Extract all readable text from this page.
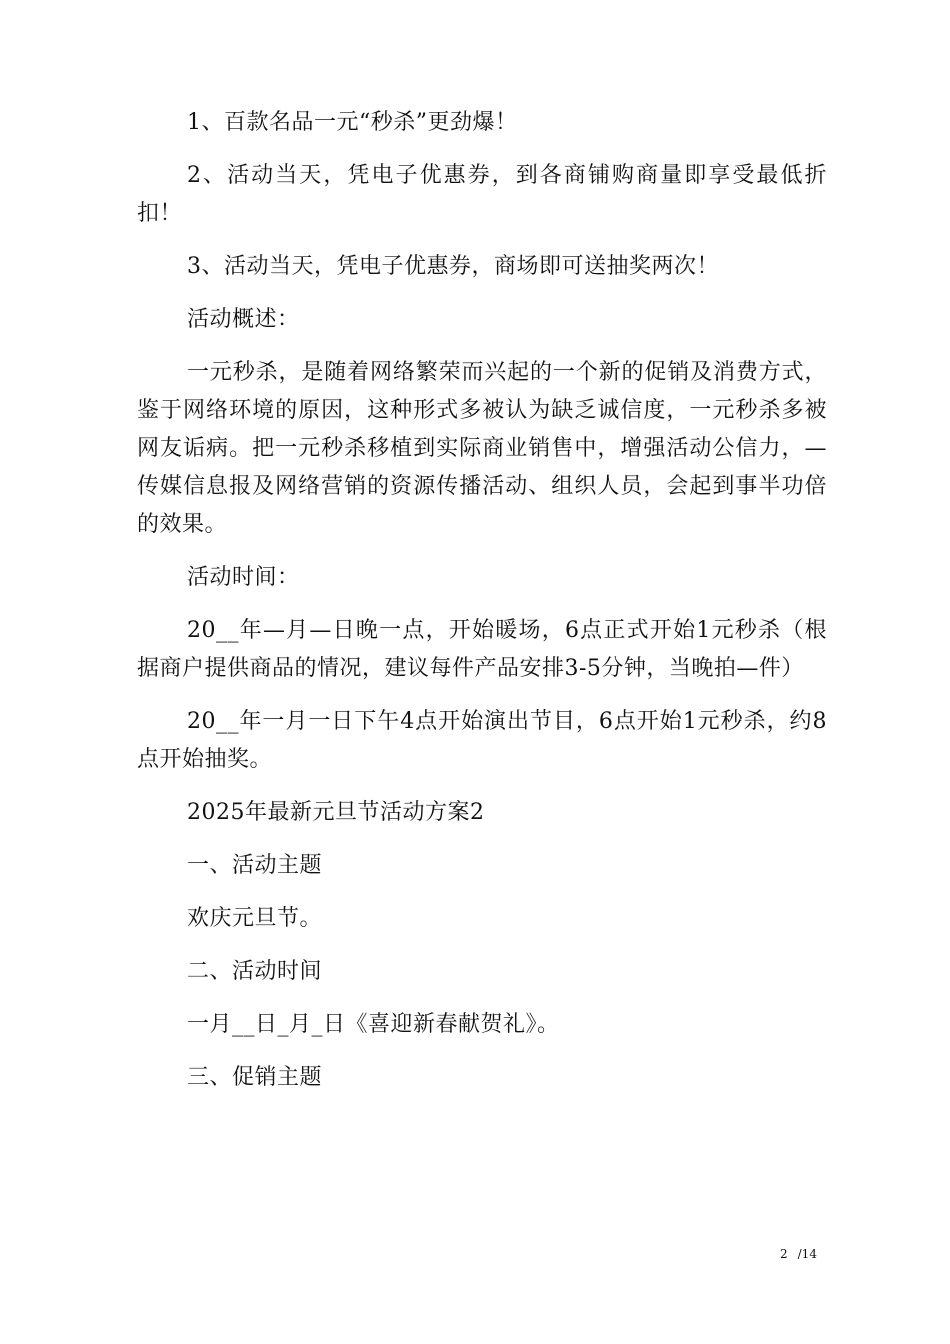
1、百款名品一元“秒杀”更劲爆！

2、活动当天，凭电子优惠券，到各商铺购商量即享受最低折扣！

3、活动当天，凭电子优惠券，商场即可送抽奖两次！

活动概述：

一元秒杀，是随着网络繁荣而兴起的一个新的促销及消费方式，鉴于网络环境的原因，这种形式多被认为缺乏诚信度，一元秒杀多被网友诟病。把一元秒杀移植到实际商业销售中，增强活动公信力，—传媒信息报及网络营销的资源传播活动、组织人员，会起到事半功倍的效果。

活动时间：

20__年—月—日晚一点，开始暖场，6点正式开始1元秒杀（根据商户提供商品的情况，建议每件产品安排3-5分钟，当晚拍—件）

20__年一月一日下午4点开始演出节目，6点开始1元秒杀，约8点开始抽奖。

2025年最新元旦节活动方案2

一、活动主题

欢庆元旦节。

二、活动时间

一月__日_月_日《喜迎新春献贺礼》。

三、促销主题

2 /14
